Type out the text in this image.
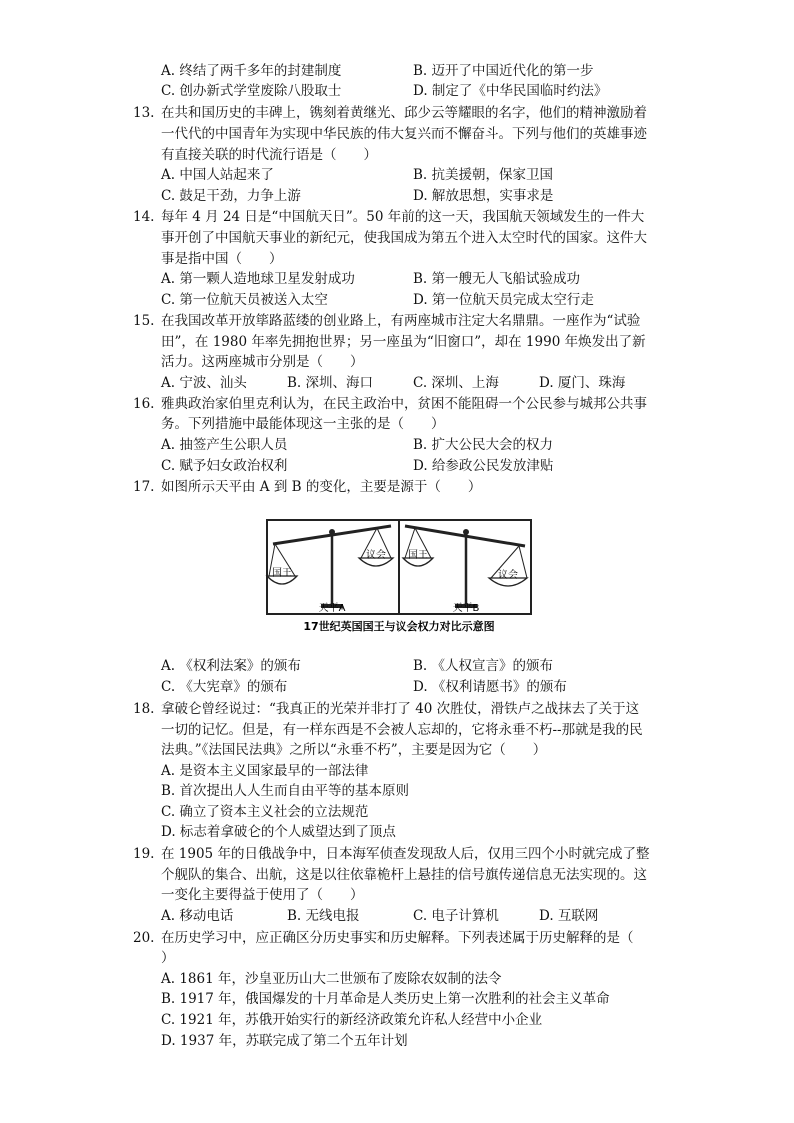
A. 终结了两千多年的封建制度	B. 迈开了中国近代化的第一步
C. 创办新式学堂废除八股取士	D. 制定了《中华民国临时约法》
13. 在共和国历史的丰碑上，镌刻着黄继光、邱少云等耀眼的名字，他们的精神激励着
一代代的中国青年为实现中华民族的伟大复兴而不懈奋斗。下列与他们的英雄事迹
有直接关联的时代流行语是（　　）
A. 中国人站起来了	B. 抗美援朝，保家卫国
C. 鼓足干劲，力争上游	D. 解放思想，实事求是
14. 每年 4 月 24 日是“中国航天日”。50 年前的这一天，我国航天领域发生的一件大
事开创了中国航天事业的新纪元，使我国成为第五个进入太空时代的国家。这件大
事是指中国（　　）
A. 第一颗人造地球卫星发射成功	B. 第一艘无人飞船试验成功
C. 第一位航天员被送入太空	D. 第一位航天员完成太空行走
15. 在我国改革开放筚路蓝缕的创业路上，有两座城市注定大名鼎鼎。一座作为“试验
田”，在 1980 年率先拥抱世界；另一座虽为“旧窗口”，却在 1990 年焕发出了新
活力。这两座城市分别是（　　）
A. 宁波、汕头	B. 深圳、海口	C. 深圳、上海	D. 厦门、珠海
16. 雅典政治家伯里克利认为，在民主政治中，贫困不能阻碍一个公民参与城邦公共事
务。下列措施中最能体现这一主张的是（　　）
A. 抽签产生公职人员	B. 扩大公民大会的权力
C. 赋予妇女政治权利	D. 给参政公民发放津贴
17. 如图所示天平由 A 到 B 的变化，主要是源于（　　）
国王
议会 国王
议会
天平A	天平B
17世纪英国国王与议会权力对比示意图
A. 《权利法案》的颁布	B. 《人权宣言》的颁布
C. 《大宪章》的颁布	D. 《权利请愿书》的颁布
18. 拿破仑曾经说过：“我真正的光荣并非打了 40 次胜仗，滑铁卢之战抹去了关于这
一切的记忆。但是，有一样东西是不会被人忘却的，它将永垂不朽--那就是我的民
法典。”《法国民法典》之所以“永垂不朽”，主要是因为它（　　）
A. 是资本主义国家最早的一部法律
B. 首次提出人人生而自由平等的基本原则
C. 确立了资本主义社会的立法规范
D. 标志着拿破仑的个人威望达到了顶点
19. 在 1905 年的日俄战争中，日本海军侦查发现敌人后，仅用三四个小时就完成了整
个舰队的集合、出航，这是以往依靠桅杆上悬挂的信号旗传递信息无法实现的。这
一变化主要得益于使用了（　　）
A. 移动电话	B. 无线电报	C. 电子计算机	D. 互联网
20. 在历史学习中，应正确区分历史事实和历史解释。下列表述属于历史解释的是（
）
A. 1861 年，沙皇亚历山大二世颁布了废除农奴制的法令
B. 1917 年，俄国爆发的十月革命是人类历史上第一次胜利的社会主义革命
C. 1921 年，苏俄开始实行的新经济政策允许私人经营中小企业
D. 1937 年，苏联完成了第二个五年计划
